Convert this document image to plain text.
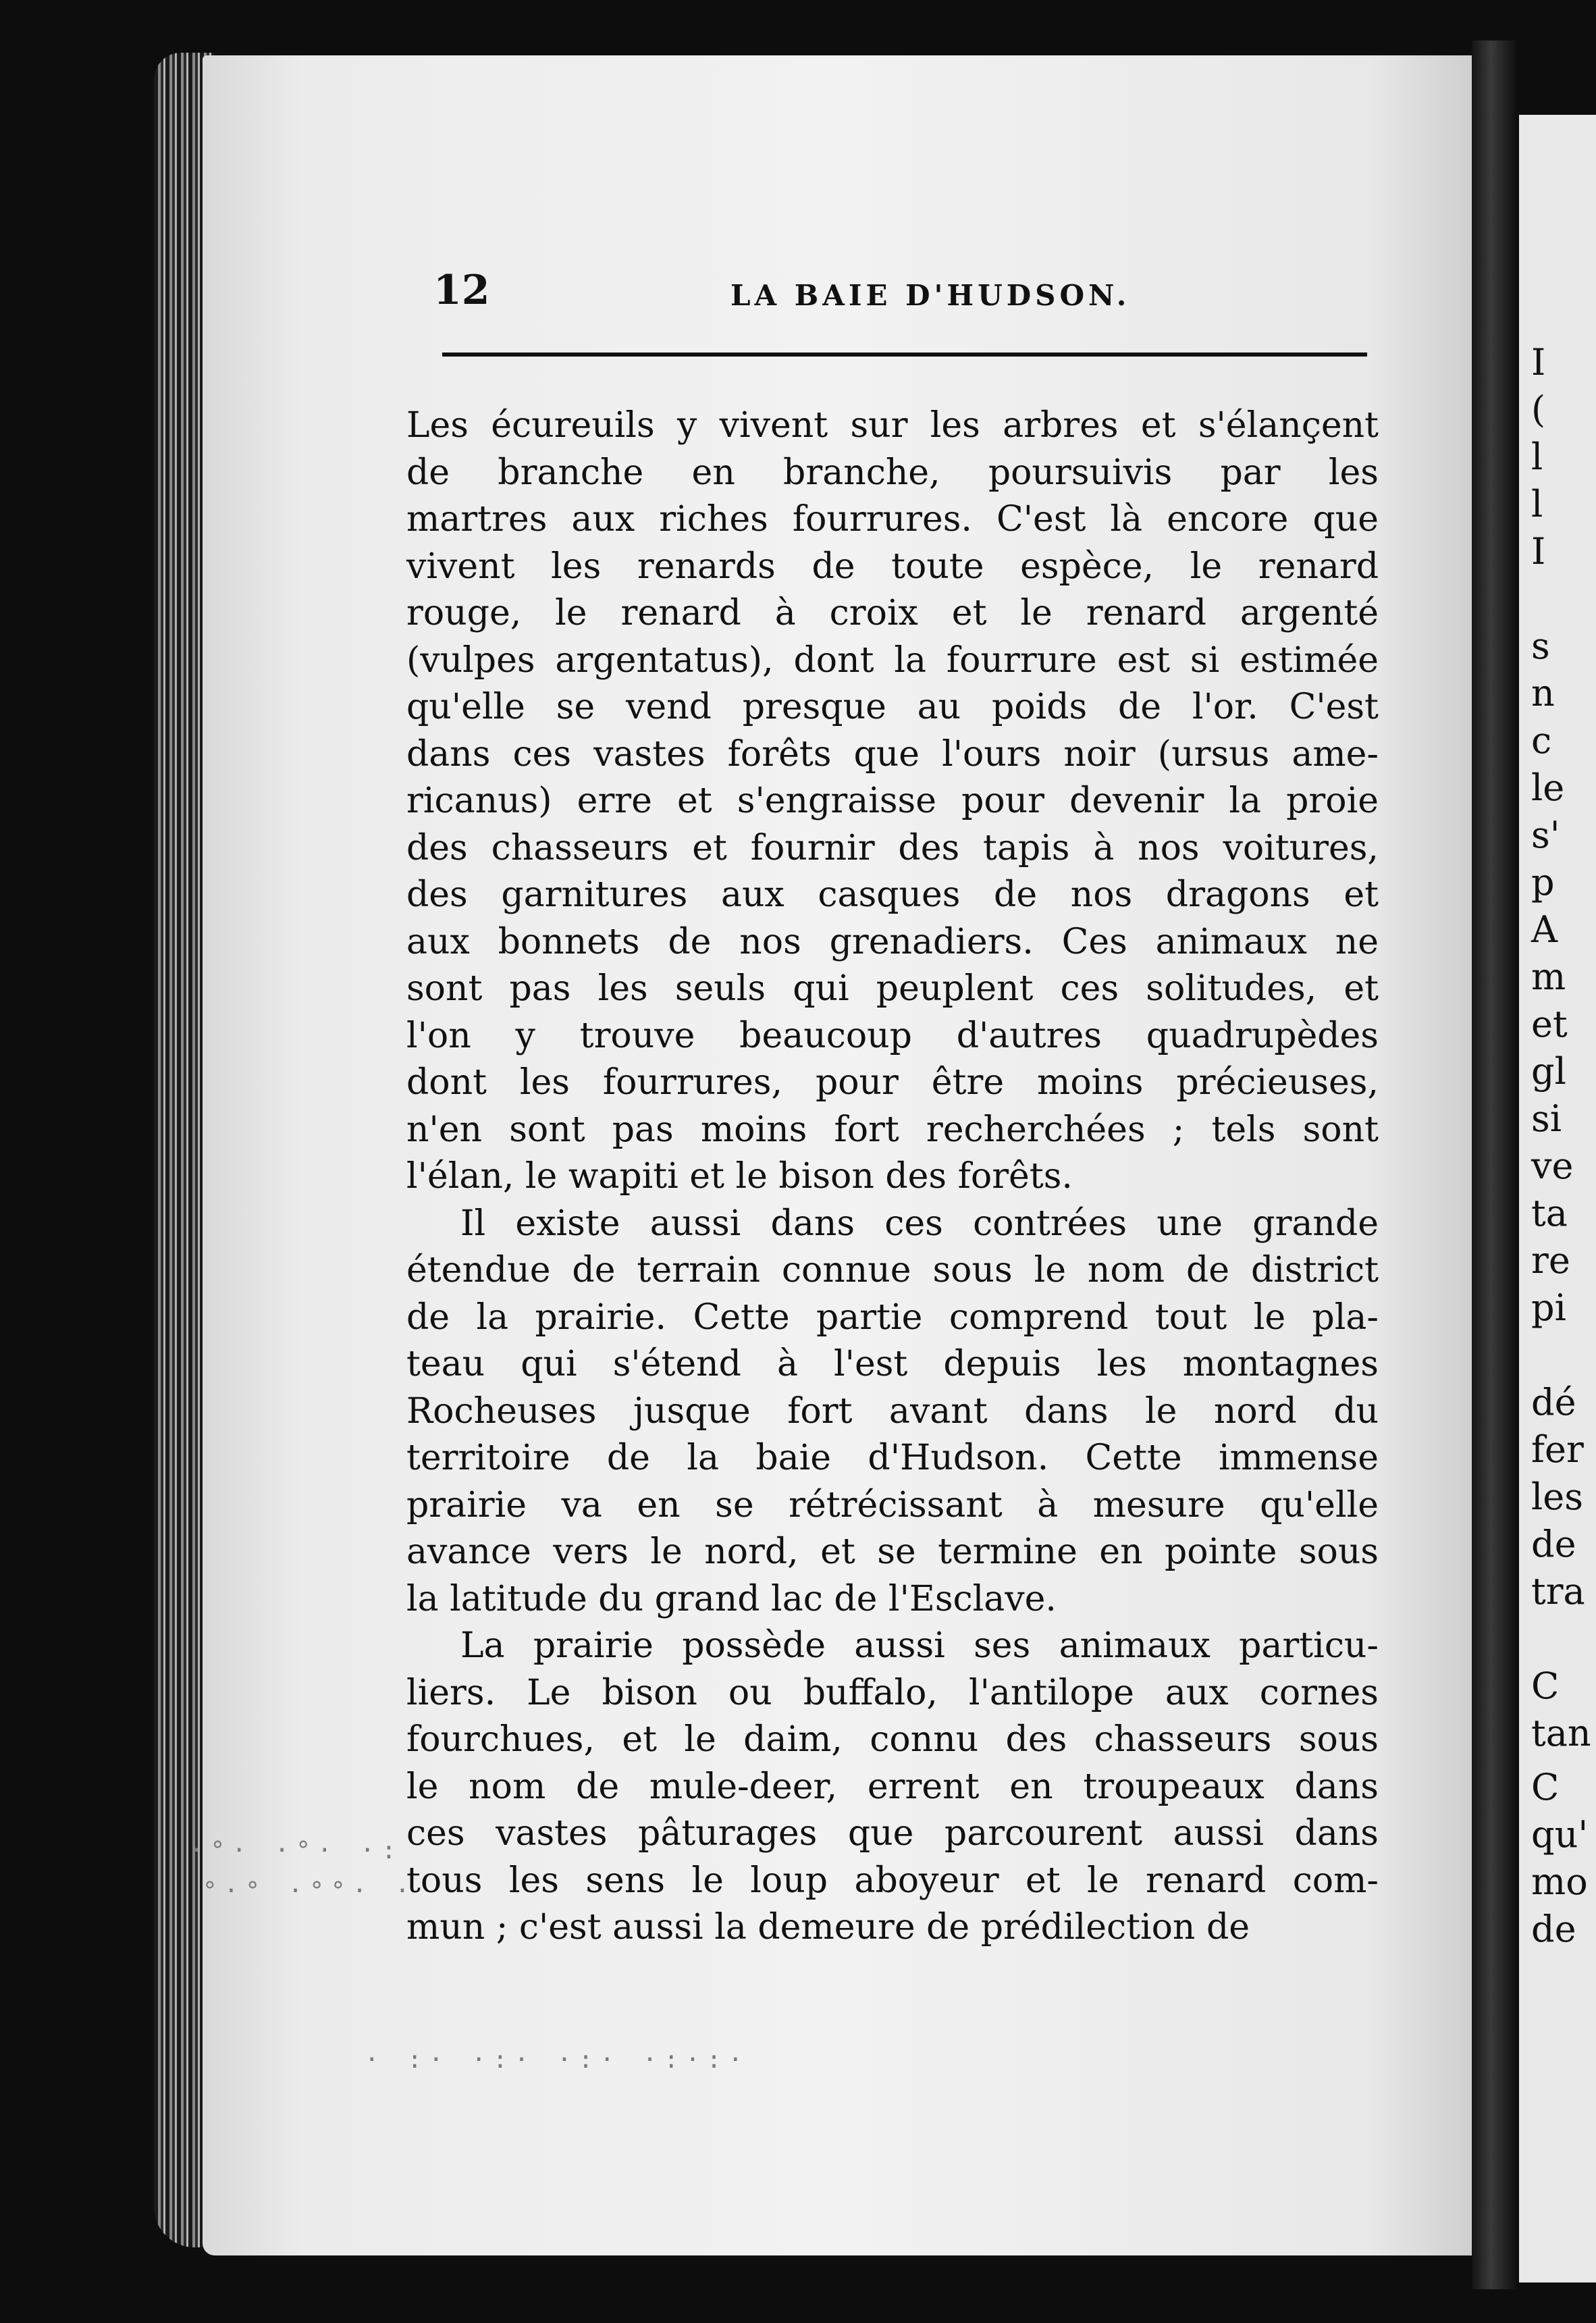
I
(
l
l
I
s
n
c
le
s'
p
A
m
et
gl
si
ve
ta
re
pi
dé
fer
les
de
tra
C
tan
C
qu'
mo
de
12	LA BAIE D'HUDSON.

Les écureuils y vivent sur les arbres et s'élançent
de branche en branche, poursuivis par les
martres aux riches fourrures. C'est là encore que
vivent les renards de toute espèce, le renard
rouge, le renard à croix et le renard argenté
(vulpes argentatus), dont la fourrure est si estimée
qu'elle se vend presque au poids de l'or. C'est
dans ces vastes forêts que l'ours noir (ursus ame-
ricanus) erre et s'engraisse pour devenir la proie
des chasseurs et fournir des tapis à nos voitures,
des garnitures aux casques de nos dragons et
aux bonnets de nos grenadiers. Ces animaux ne
sont pas les seuls qui peuplent ces solitudes, et
l'on y trouve beaucoup d'autres quadrupèdes
dont les fourrures, pour être moins précieuses,
n'en sont pas moins fort recherchées ; tels sont
l'élan, le wapiti et le bison des forêts.

Il existe aussi dans ces contrées une grande
étendue de terrain connue sous le nom de district
de la prairie. Cette partie comprend tout le pla-
teau qui s'étend à l'est depuis les montagnes
Rocheuses jusque fort avant dans le nord du
territoire de la baie d'Hudson. Cette immense
prairie va en se rétrécissant à mesure qu'elle
avance vers le nord, et se termine en pointe sous
la latitude du grand lac de l'Esclave.

La prairie possède aussi ses animaux particu-
liers. Le bison ou buffalo, l'antilope aux cornes
fourchues, et le daim, connu des chasseurs sous
le nom de mule-deer, errent en troupeaux dans
ces vastes pâturages que parcourent aussi dans
tous les sens le loup aboyeur et le renard com-
mun ; c'est aussi la demeure de prédilection de

·°· ·°· ·:
°·° ·°°· ·
· :· ·:· ·:· ·:·:·
